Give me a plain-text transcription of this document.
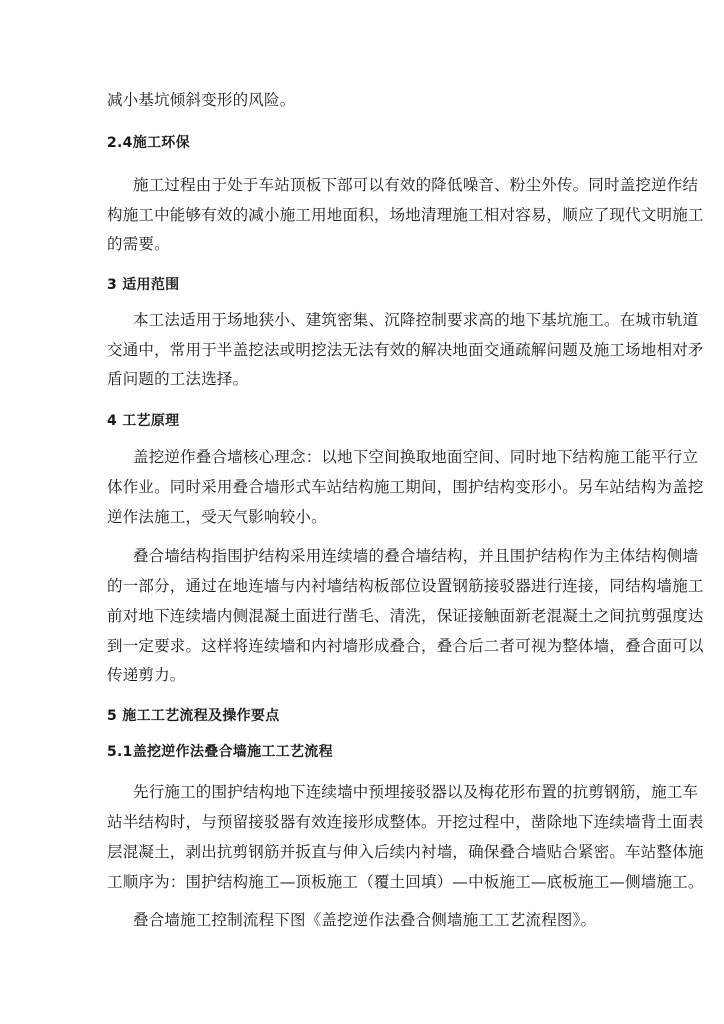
减小基坑倾斜变形的风险。
2.4施工环保
施工过程由于处于车站顶板下部可以有效的降低噪音、粉尘外传。同时盖挖逆作结
构施工中能够有效的减小施工用地面积，场地清理施工相对容易，顺应了现代文明施工
的需要。
3 适用范围
本工法适用于场地狭小、建筑密集、沉降控制要求高的地下基坑施工。在城市轨道
交通中，常用于半盖挖法或明挖法无法有效的解决地面交通疏解问题及施工场地相对矛
盾问题的工法选择。
4 工艺原理
盖挖逆作叠合墙核心理念：以地下空间换取地面空间、同时地下结构施工能平行立
体作业。同时采用叠合墙形式车站结构施工期间，围护结构变形小。另车站结构为盖挖
逆作法施工，受天气影响较小。
叠合墙结构指围护结构采用连续墙的叠合墙结构，并且围护结构作为主体结构侧墙
的一部分，通过在地连墙与内衬墙结构板部位设置钢筋接驳器进行连接，同结构墙施工
前对地下连续墙内侧混凝土面进行凿毛、清洗，保证接触面新老混凝土之间抗剪强度达
到一定要求。这样将连续墙和内衬墙形成叠合，叠合后二者可视为整体墙，叠合面可以
传递剪力。
5 施工工艺流程及操作要点
5.1盖挖逆作法叠合墙施工工艺流程
先行施工的围护结构地下连续墙中预埋接驳器以及梅花形布置的抗剪钢筋，施工车
站半结构时，与预留接驳器有效连接形成整体。开挖过程中，凿除地下连续墙背土面表
层混凝土，剥出抗剪钢筋并扳直与伸入后续内衬墙，确保叠合墙贴合紧密。车站整体施
工顺序为：围护结构施工—顶板施工（覆土回填）—中板施工—底板施工—侧墙施工。
叠合墙施工控制流程下图《盖挖逆作法叠合侧墙施工工艺流程图》。
